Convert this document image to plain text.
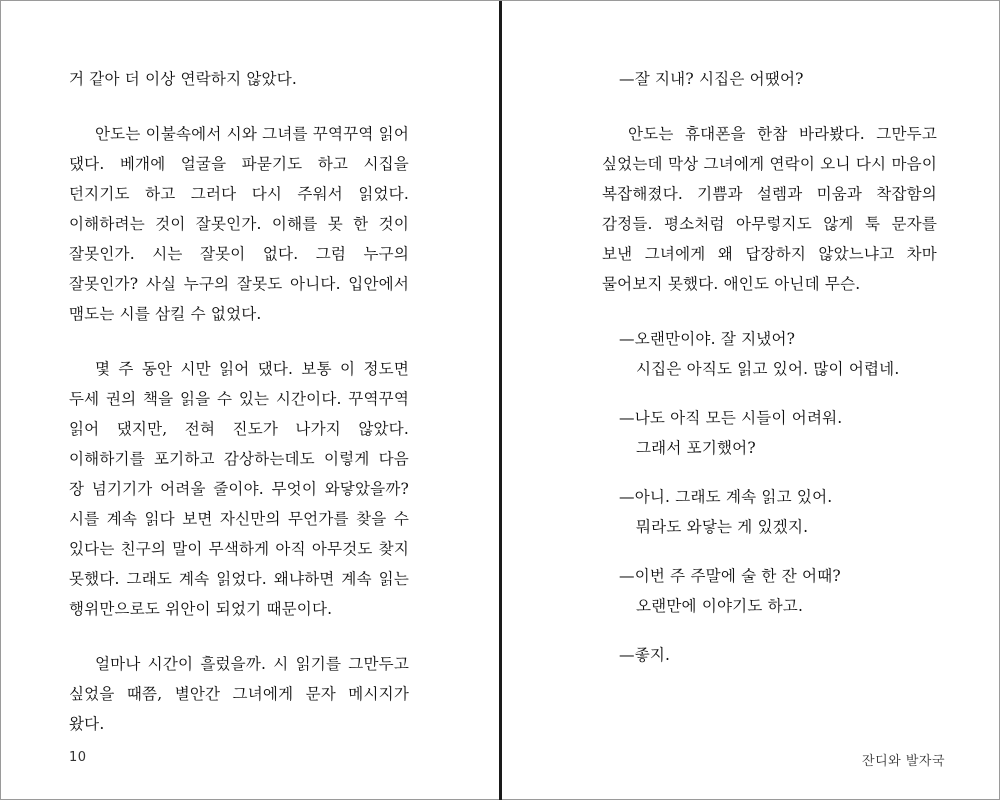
거 같아 더 이상 연락하지 않았다.

안도는 이불속에서 시와 그녀를 꾸역꾸역 읽어 댔다. 베개에 얼굴을 파묻기도 하고 시집을 던지기도 하고 그러다 다시 주워서 읽었다. 이해하려는 것이 잘못인가. 이해를 못 한 것이 잘못인가. 시는 잘못이 없다. 그럼 누구의 잘못인가? 사실 누구의 잘못도 아니다. 입안에서 맴도는 시를 삼킬 수 없었다.

몇 주 동안 시만 읽어 댔다. 보통 이 정도면 두세 권의 책을 읽을 수 있는 시간이다. 꾸역꾸역 읽어 댔지만, 전혀 진도가 나가지 않았다. 이해하기를 포기하고 감상하는데도 이렇게 다음 장 넘기기가 어려울 줄이야. 무엇이 와닿았을까? 시를 계속 읽다 보면 자신만의 무언가를 찾을 수 있다는 친구의 말이 무색하게 아직 아무것도 찾지 못했다. 그래도 계속 읽었다. 왜냐하면 계속 읽는 행위만으로도 위안이 되었기 때문이다.

얼마나 시간이 흘렀을까. 시 읽기를 그만두고 싶었을 때쯤, 별안간 그녀에게 문자 메시지가 왔다.

10
—잘 지내? 시집은 어땠어?

안도는 휴대폰을 한참 바라봤다. 그만두고 싶었는데 막상 그녀에게 연락이 오니 다시 마음이 복잡해졌다. 기쁨과 설렘과 미움과 착잡함의 감정들. 평소처럼 아무렇지도 않게 툭 문자를 보낸 그녀에게 왜 답장하지 않았느냐고 차마 물어보지 못했다. 애인도 아닌데 무슨.

—오랜만이야. 잘 지냈어?
시집은 아직도 읽고 있어. 많이 어렵네.
—나도 아직 모든 시들이 어려워.
그래서 포기했어?
—아니. 그래도 계속 읽고 있어.
뭐라도 와닿는 게 있겠지.
—이번 주 주말에 술 한 잔 어때?
오랜만에 이야기도 하고.
—좋지.
잔디와 발자국
